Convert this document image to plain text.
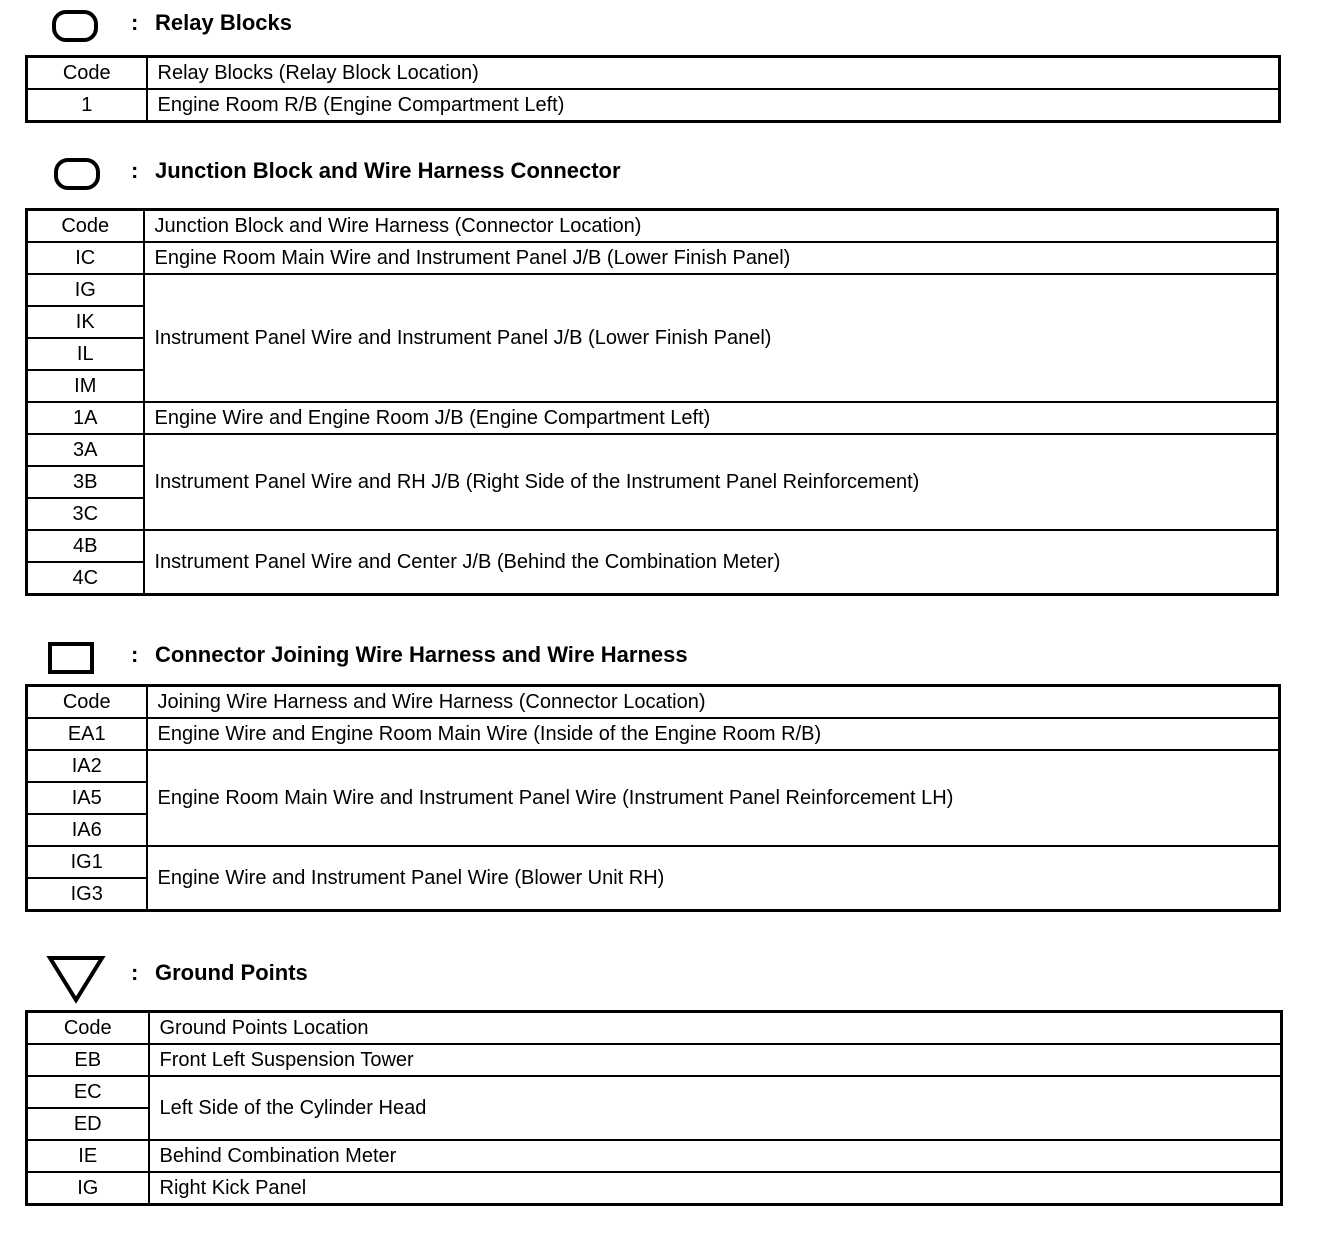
: Relay Blocks
Code	Relay Blocks (Relay Block Location)
1	Engine Room R/B (Engine Compartment Left)
: Junction Block and Wire Harness Connector
Code	Junction Block and Wire Harness (Connector Location)
IC	Engine Room Main Wire and Instrument Panel J/B (Lower Finish Panel)
IG	Instrument Panel Wire and Instrument Panel J/B (Lower Finish Panel)
IK	
IL	
IM	
1A	Engine Wire and Engine Room J/B (Engine Compartment Left)
3A	Instrument Panel Wire and RH J/B (Right Side of the Instrument Panel Reinforcement)
3B	
3C	
4B	Instrument Panel Wire and Center J/B (Behind the Combination Meter)
4C	
: Connector Joining Wire Harness and Wire Harness
Code	Joining Wire Harness and Wire Harness (Connector Location)
EA1	Engine Wire and Engine Room Main Wire (Inside of the Engine Room R/B)
IA2	Engine Room Main Wire and Instrument Panel Wire (Instrument Panel Reinforcement LH)
IA5	
IA6	
IG1	Engine Wire and Instrument Panel Wire (Blower Unit RH)
IG3	
: Ground Points
Code	Ground Points Location
EB	Front Left Suspension Tower
EC	Left Side of the Cylinder Head
ED	
IE	Behind Combination Meter
IG	Right Kick Panel
